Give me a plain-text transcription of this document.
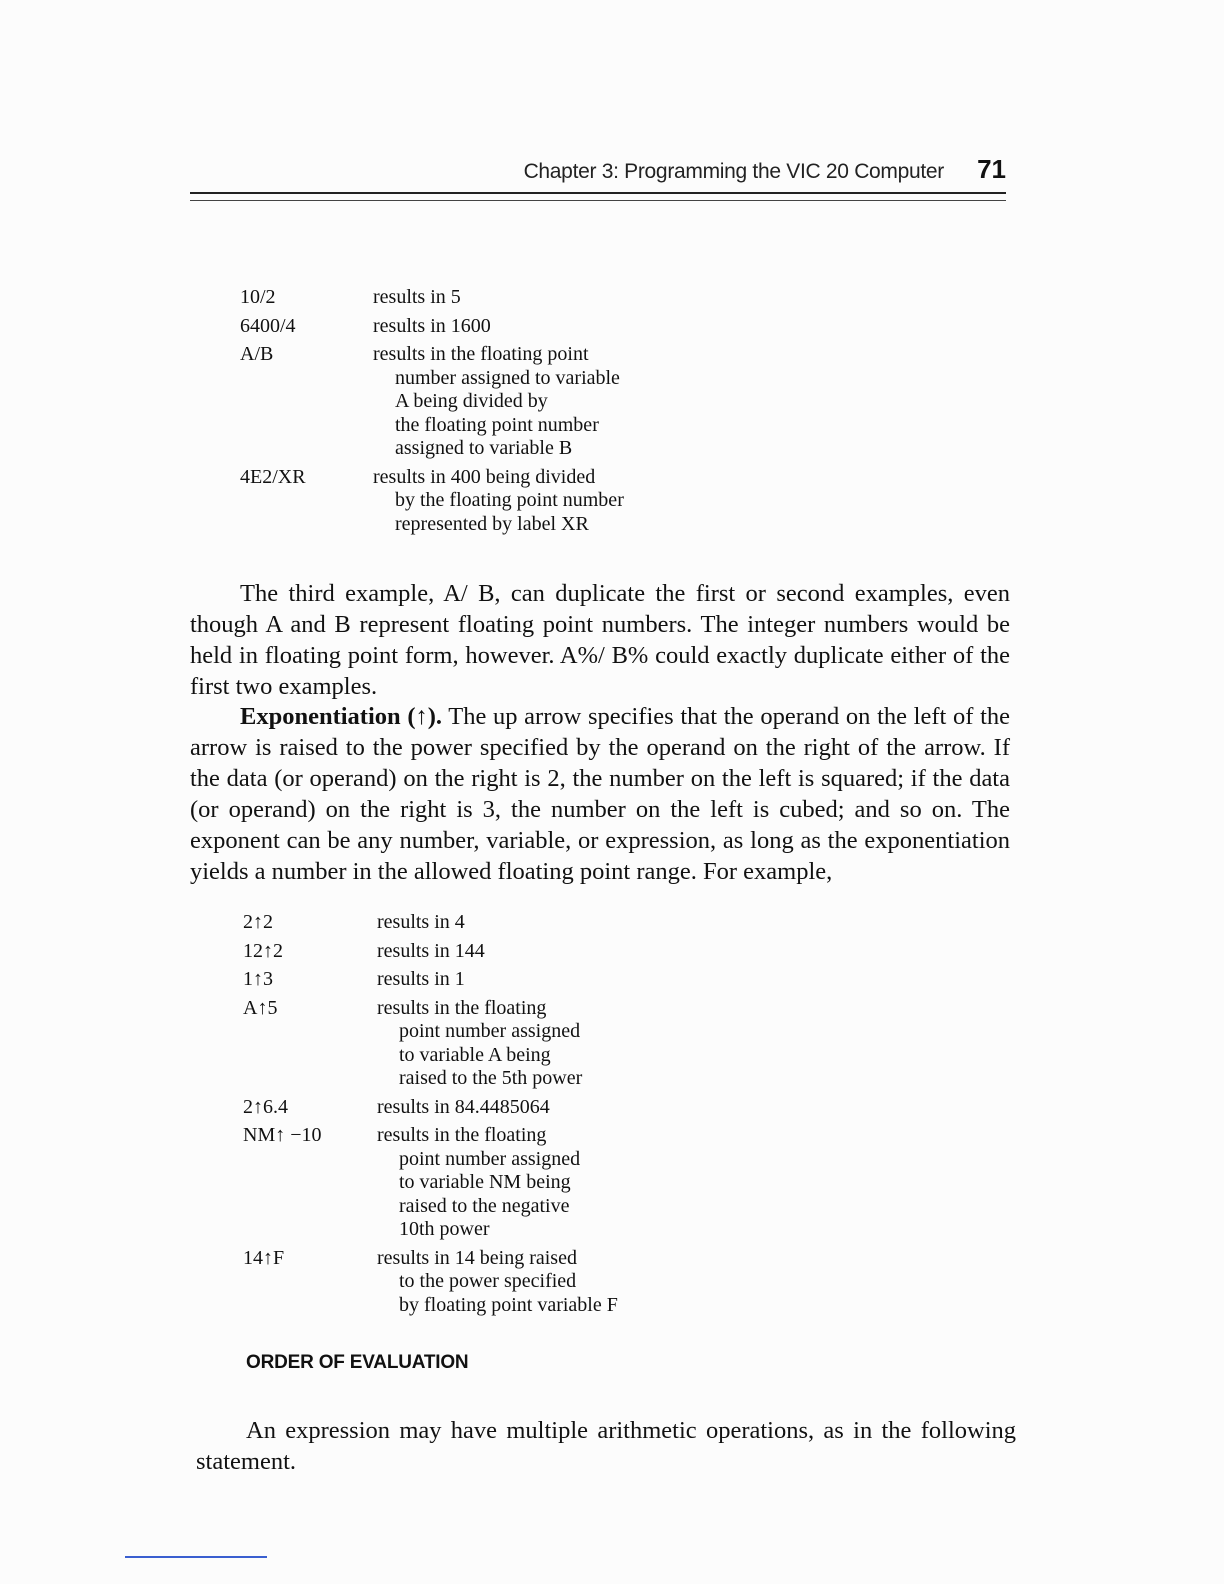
Chapter 3: Programming the VIC 20 Computer 71
10/2	results in 5
6400/4	results in 1600
A/B	results in the floating point
number assigned to variable
A being divided by
the floating point number
assigned to variable B
4E2/XR	results in 400 being divided
by the floating point number
represented by label XR

The third example, A/ B, can duplicate the first or second examples, even though A and B represent floating point numbers. The integer numbers would be held in floating point form, however. A%/ B% could exactly duplicate either of the first two examples.

Exponentiation (↑). The up arrow specifies that the operand on the left of the arrow is raised to the power specified by the operand on the right of the arrow. If the data (or operand) on the right is 2, the number on the left is squared; if the data (or operand) on the right is 3, the number on the left is cubed; and so on. The exponent can be any number, variable, or expression, as long as the exponentiation yields a number in the allowed floating point range. For example,

2↑2	results in 4
12↑2	results in 144
1↑3	results in 1
A↑5	results in the floating
point number assigned
to variable A being
raised to the 5th power
2↑6.4	results in 84.4485064
NM↑ −10	results in the floating
point number assigned
to variable NM being
raised to the negative
10th power
14↑F	results in 14 being raised
to the power specified
by floating point variable F
ORDER OF EVALUATION

An expression may have multiple arithmetic operations, as in the following statement.
